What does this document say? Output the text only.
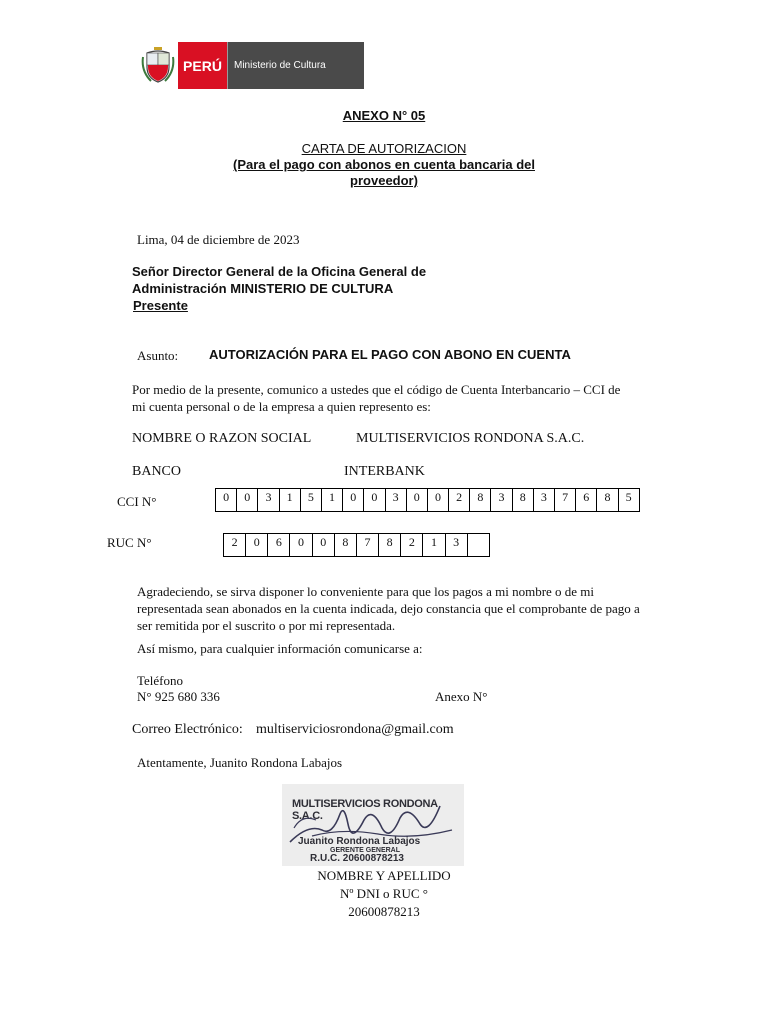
PERÚ Ministerio de Cultura
ANEXO N° 05
CARTA DE AUTORIZACION
(Para el pago con abonos en cuenta bancaria del
proveedor)
Lima, 04 de diciembre de 2023
Señor Director General de la Oficina General de
Administración MINISTERIO DE CULTURA
Presente
Asunto: AUTORIZACIÓN PARA EL PAGO CON ABONO EN CUENTA
Por medio de la presente, comunico a ustedes que el código de Cuenta Interbancario – CCI de
mi cuenta personal o de la empresa a quien represento es:
NOMBRE O RAZON SOCIAL	MULTISERVICIOS RONDONA S.A.C.
BANCO	INTERBANK
CCI N°	0	0	3	1	5	1	0	0	3	0	0	2	8	3	8	3	7	6	8	5
RUC N°	2	0	6	0	0	8	7	8	2	1	3
Agradeciendo, se sirva disponer lo conveniente para que los pagos a mi nombre o de mi
representada sean abonados en la cuenta indicada, dejo constancia que el comprobante de pago a
ser remitida por el suscrito o por mi representada.
Así mismo, para cualquier información comunicarse a:
Teléfono
N° 925 680 336	Anexo N°
Correo Electrónico: multiserviciosrondona@gmail.com
Atentamente, Juanito Rondona Labajos
MULTISERVICIOS RONDONA S.A.C.
Juanito Rondona Labajos
GERENTE GENERAL
R.U.C. 20600878213
NOMBRE Y APELLIDO
Nº DNI o RUC °
20600878213
